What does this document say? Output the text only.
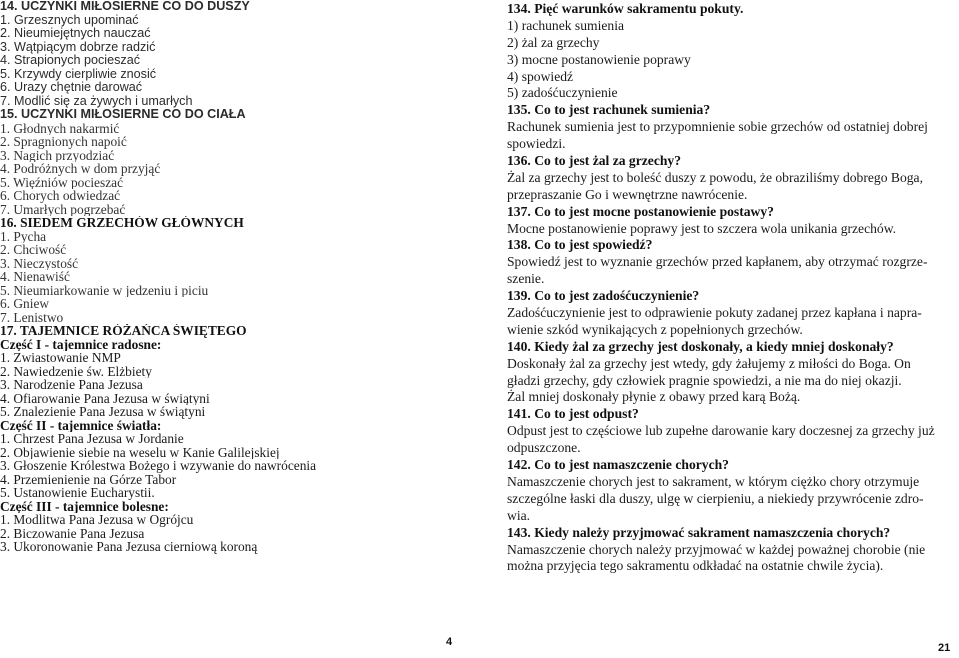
14. UCZYNKI MIŁOSIERNE CO DO DUSZY
1. Grzesznych upominać
2. Nieumiejętnych nauczać
3. Wątpiącym dobrze radzić
4. Strapionych pocieszać
5. Krzywdy cierpliwie znosić
6. Urazy chętnie darować
7. Modlić się za żywych i umarłych
15. UCZYNKI MIŁOSIERNE CO DO CIAŁA
1. Głodnych nakarmić
2. Spragnionych napoić
3. Nagich przyodziać
4. Podróżnych w dom przyjąć
5. Więźniów pocieszać
6. Chorych odwiedzać
7. Umarłych pogrzebać
16. SIEDEM GRZECHÓW GŁÓWNYCH
1. Pycha
2. Chciwość
3. Nieczystość
4. Nienawiść
5. Nieumiarkowanie w jedzeniu i piciu
6. Gniew
7. Lenistwo
17. TAJEMNICE RÓŻAŃCA ŚWIĘTEGO
Część I - tajemnice radosne:
1. Zwiastowanie NMP
2. Nawiedzenie św. Elżbiety
3. Narodzenie Pana Jezusa
4. Ofiarowanie Pana Jezusa w świątyni
5. Znalezienie Pana Jezusa w świątyni
Część II - tajemnice światła:
1. Chrzest Pana Jezusa w Jordanie
2. Objawienie siebie na weselu w Kanie Galilejskiej
3. Głoszenie Królestwa Bożego i wzywanie do nawrócenia
4. Przemienienie na Górze Tabor
5. Ustanowienie Eucharystii.
Część III - tajemnice bolesne:
1. Modlitwa Pana Jezusa w Ogrójcu
2. Biczowanie Pana Jezusa
3. Ukoronowanie Pana Jezusa cierniową koroną
134. Pięć warunków sakramentu pokuty.
1) rachunek sumienia
2) żal za grzechy
3) mocne postanowienie poprawy
4) spowiedź
5) zadośćuczynienie
135. Co to jest rachunek sumienia?
Rachunek sumienia jest to przypomnienie sobie grzechów od ostatniej dobrej
spowiedzi.
136. Co to jest żal za grzechy?
Żal za grzechy jest to boleść duszy z powodu, że obraziliśmy dobrego Boga,
przepraszanie Go i wewnętrzne nawrócenie.
137. Co to jest mocne postanowienie postawy?
Mocne postanowienie poprawy jest to szczera wola unikania grzechów.
138. Co to jest spowiedź?
Spowiedź jest to wyznanie grzechów przed kapłanem, aby otrzymać rozgrze-
szenie.
139. Co to jest zadośćuczynienie?
Zadośćuczynienie jest to odprawienie pokuty zadanej przez kapłana i napra-
wienie szkód wynikających z popełnionych grzechów.
140. Kiedy żal za grzechy jest doskonały, a kiedy mniej doskonały?
Doskonały żal za grzechy jest wtedy, gdy żałujemy z miłości do Boga. On
gładzi grzechy, gdy człowiek pragnie spowiedzi, a nie ma do niej okazji.
Żal mniej doskonały płynie z obawy przed karą Bożą.
141. Co to jest odpust?
Odpust jest to częściowe lub zupełne darowanie kary doczesnej za grzechy już
odpuszczone.
142. Co to jest namaszczenie chorych?
Namaszczenie chorych jest to sakrament, w którym ciężko chory otrzymuje
szczególne łaski dla duszy, ulgę w cierpieniu, a niekiedy przywrócenie zdro-
wia.
143. Kiedy należy przyjmować sakrament namaszczenia chorych?
Namaszczenie chorych należy przyjmować w każdej poważnej chorobie (nie
można przyjęcia tego sakramentu odkładać na ostatnie chwile życia).
4	21
